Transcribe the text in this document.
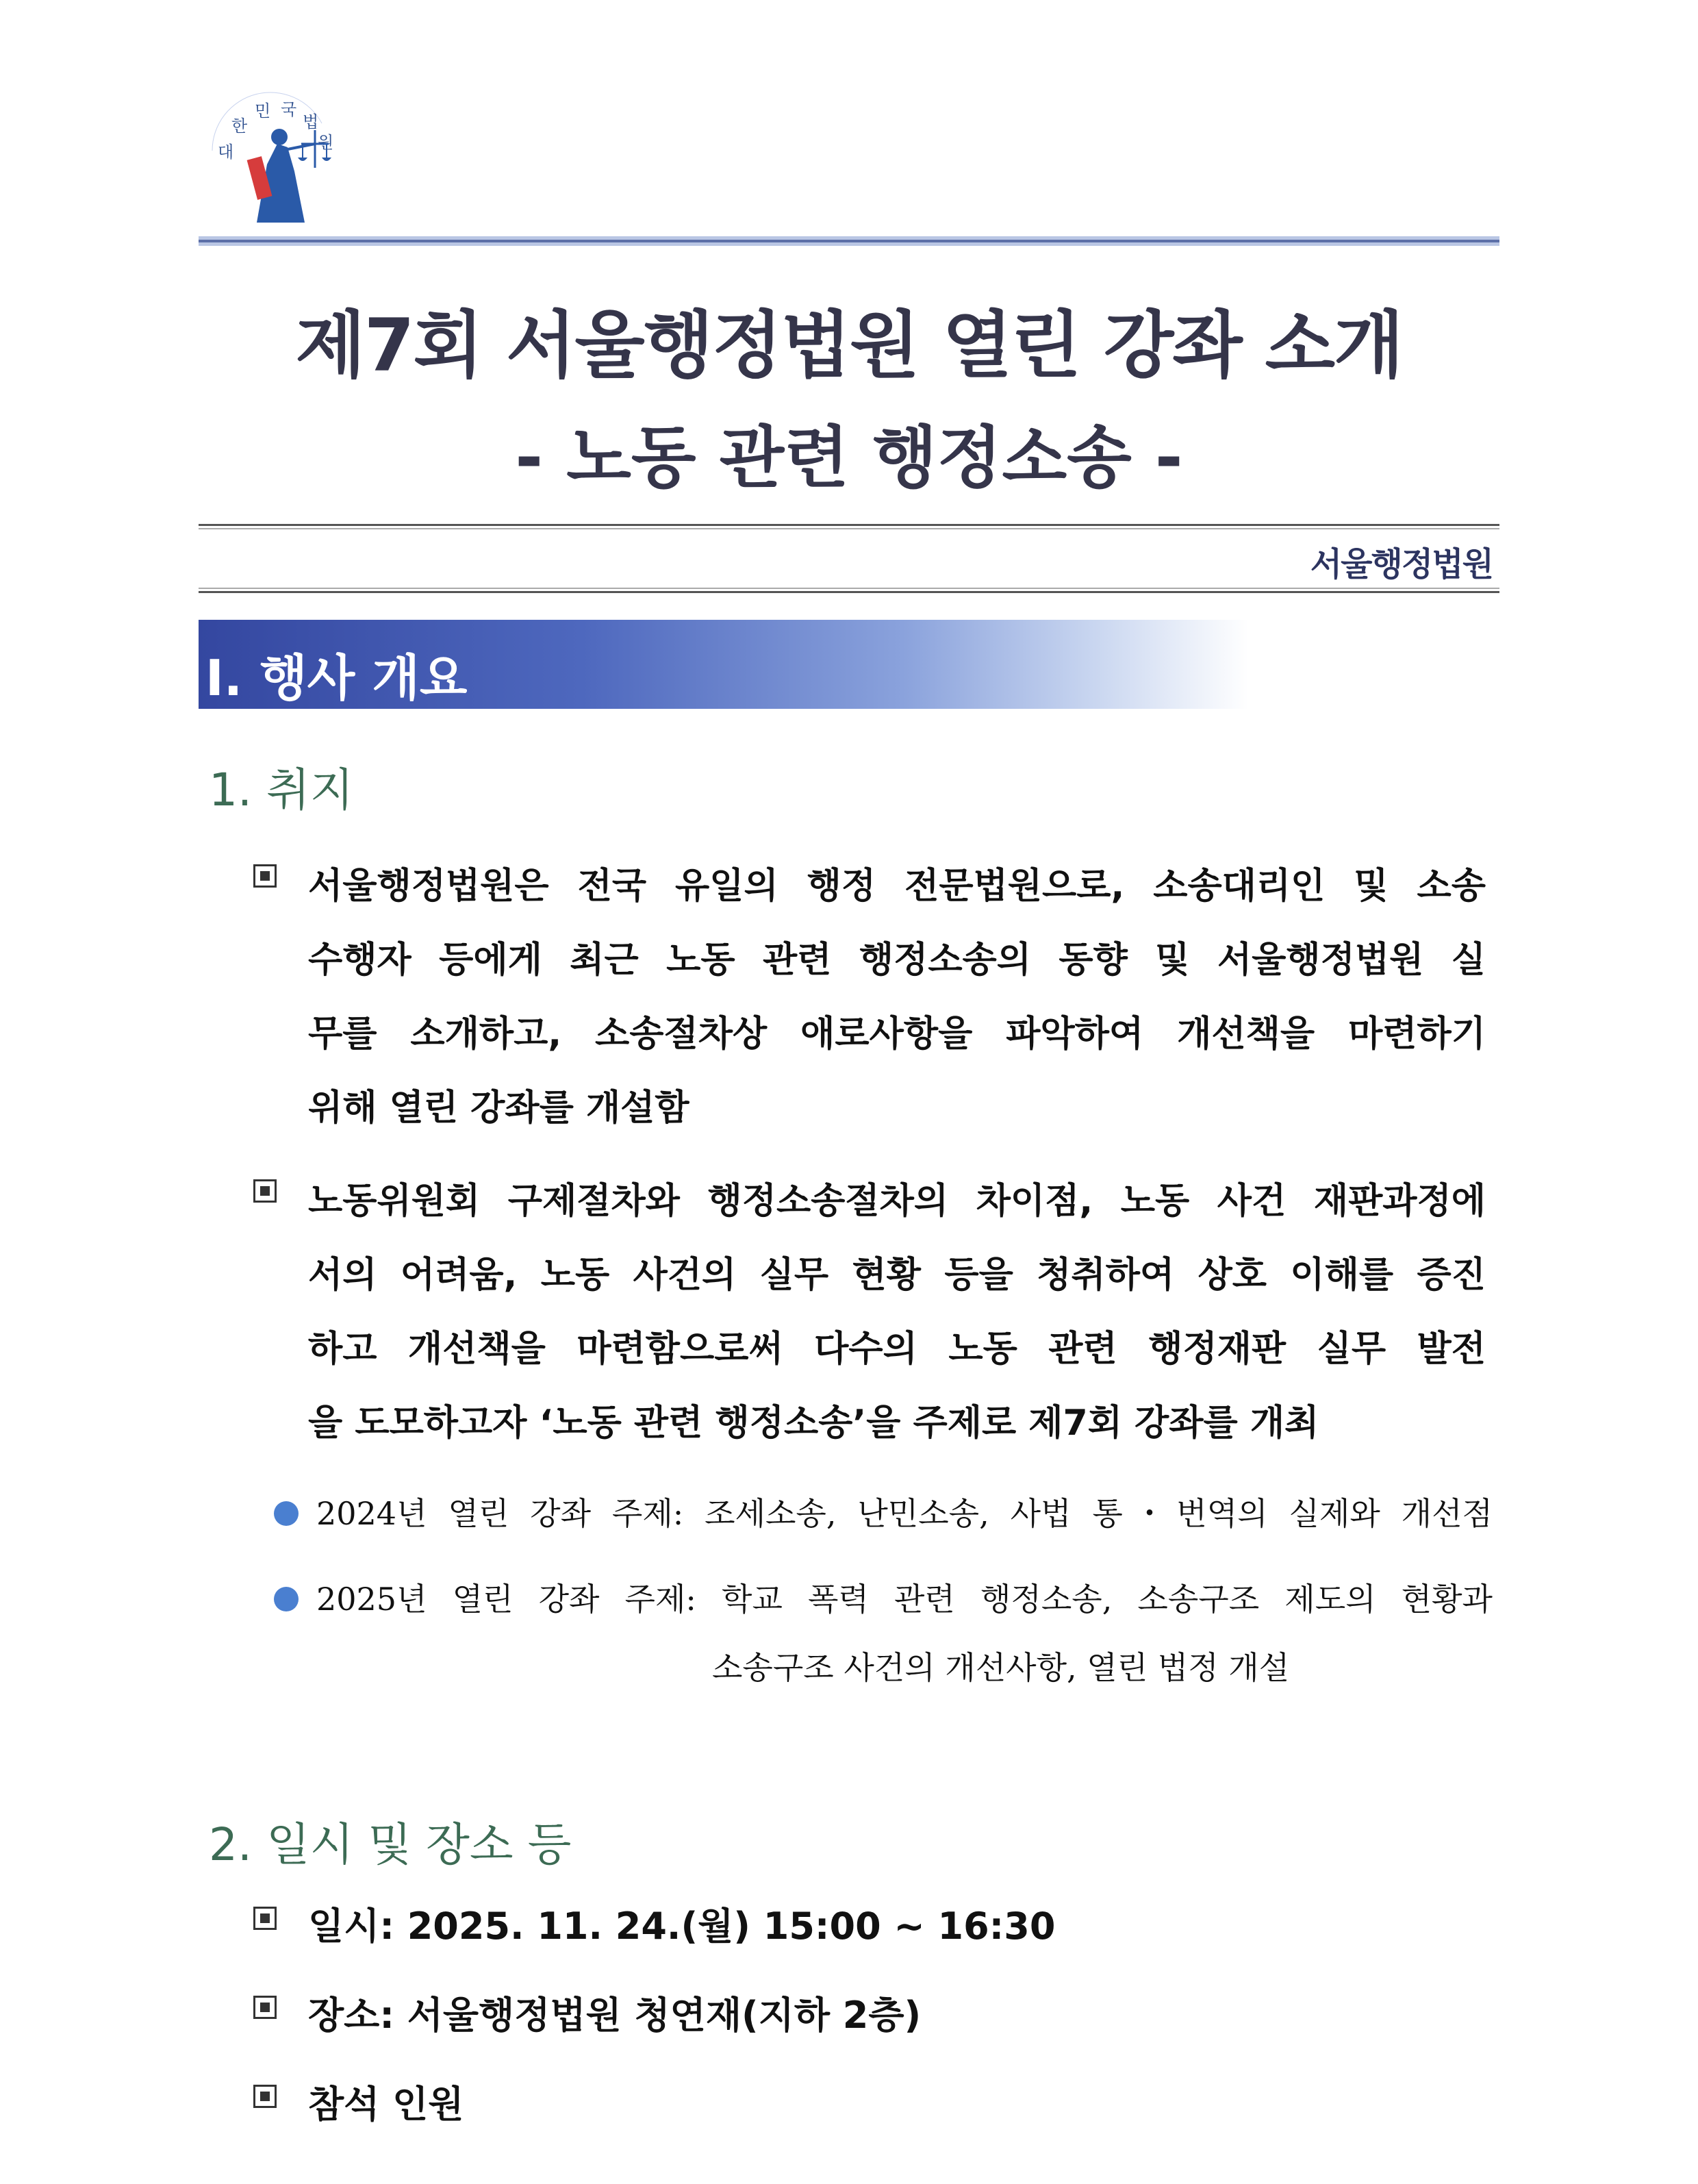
대
한
민 국
법
원
제7회 서울행정법원 열린 강좌 소개
- 노동 관련 행정소송 -
서울행정법원
I. 행사 개요
1. 취지
서울행정법원은 전국 유일의 행정 전문법원으로, 소송대리인 및 소송
수행자 등에게 최근 노동 관련 행정소송의 동향 및 서울행정법원 실
무를 소개하고, 소송절차상 애로사항을 파악하여 개선책을 마련하기
위해 열린 강좌를 개설함
노동위원회 구제절차와 행정소송절차의 차이점, 노동 사건 재판과정에
서의 어려움, 노동 사건의 실무 현황 등을 청취하여 상호 이해를 증진
하고 개선책을 마련함으로써 다수의 노동 관련 행정재판 실무 발전
을 도모하고자 ‘노동 관련 행정소송’을 주제로 제7회 강좌를 개최
2024년 열린 강좌 주제: 조세소송, 난민소송, 사법 통・번역의 실제와 개선점
2025년 열린 강좌 주제: 학교 폭력 관련 행정소송, 소송구조 제도의 현황과
소송구조 사건의 개선사항, 열린 법정 개설
2. 일시 및 장소 등
일시: 2025. 11. 24.(월) 15:00 ~ 16:30
장소: 서울행정법원 청연재(지하 2층)
참석 인원
